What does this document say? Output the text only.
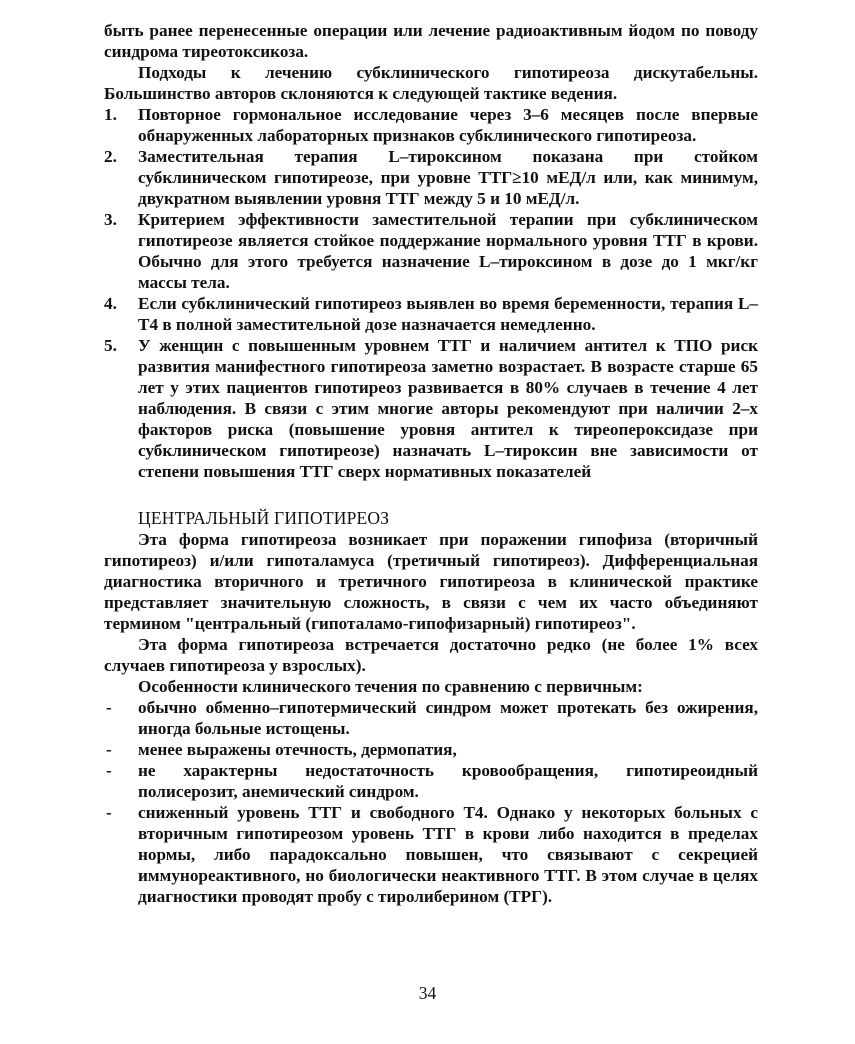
быть ранее перенесенные операции или лечение радиоактивным йодом по поводу синдрома тиреотоксикоза.

Подходы к лечению субклинического гипотиреоза дискутабельны. Большинство авторов склоняются к следующей тактике ведения.

1. Повторное гормональное исследование через 3–6 месяцев после впервые обнаруженных лабораторных признаков субклинического гипотиреоза.
2. Заместительная терапия L–тироксином показана при стойком субклиническом гипотиреозе, при уровне ТТГ≥10 мЕД/л или, как минимум, двукратном выявлении уровня ТТГ между 5 и 10 мЕД/л.
3. Критерием эффективности заместительной терапии при субклиническом гипотиреозе является стойкое поддержание нормального уровня ТТГ в крови. Обычно для этого требуется назначение L–тироксином в дозе до 1 мкг/кг массы тела.
4. Если субклинический гипотиреоз выявлен во время беременности, терапия L–Т4 в полной заместительной дозе назначается немедленно.
5. У женщин с повышенным уровнем ТТГ и наличием антител к ТПО риск развития манифестного гипотиреоза заметно возрастает. В возрасте старше 65 лет у этих пациентов гипотиреоз развивается в 80% случаев в течение 4 лет наблюдения. В связи с этим многие авторы рекомендуют при наличии 2–х факторов риска (повышение уровня антител к тиреопероксидазе при субклиническом гипотиреозе) назначать L–тироксин вне зависимости от степени повышения ТТГ сверх нормативных показателей

ЦЕНТРАЛЬНЫЙ ГИПОТИРЕОЗ

Эта форма гипотиреоза возникает при поражении гипофиза (вторичный гипотиреоз) и/или гипоталамуса (третичный гипотиреоз). Дифференциальная диагностика вторичного и третичного гипотиреоза в клинической практике представляет значительную сложность, в связи с чем их часто объединяют термином "центральный (гипоталамо-гипофизарный) гипотиреоз".

Эта форма гипотиреоза встречается достаточно редко (не более 1% всех случаев гипотиреоза у взрослых).

Особенности клинического течения по сравнению с первичным:

- обычно обменно–гипотермический синдром может протекать без ожирения, иногда больные истощены.
- менее выражены отечность, дермопатия,
- не характерны недостаточность кровообращения, гипотиреоидный полисерозит, анемический синдром.
- сниженный уровень ТТГ и свободного Т4. Однако у некоторых больных с вторичным гипотиреозом уровень ТТГ в крови либо находится в пределах нормы, либо парадоксально повышен, что связывают с секрецией иммунореактивного, но биологически неактивного ТТГ. В этом случае в целях диагностики проводят пробу с тиролиберином (ТРГ).
34
